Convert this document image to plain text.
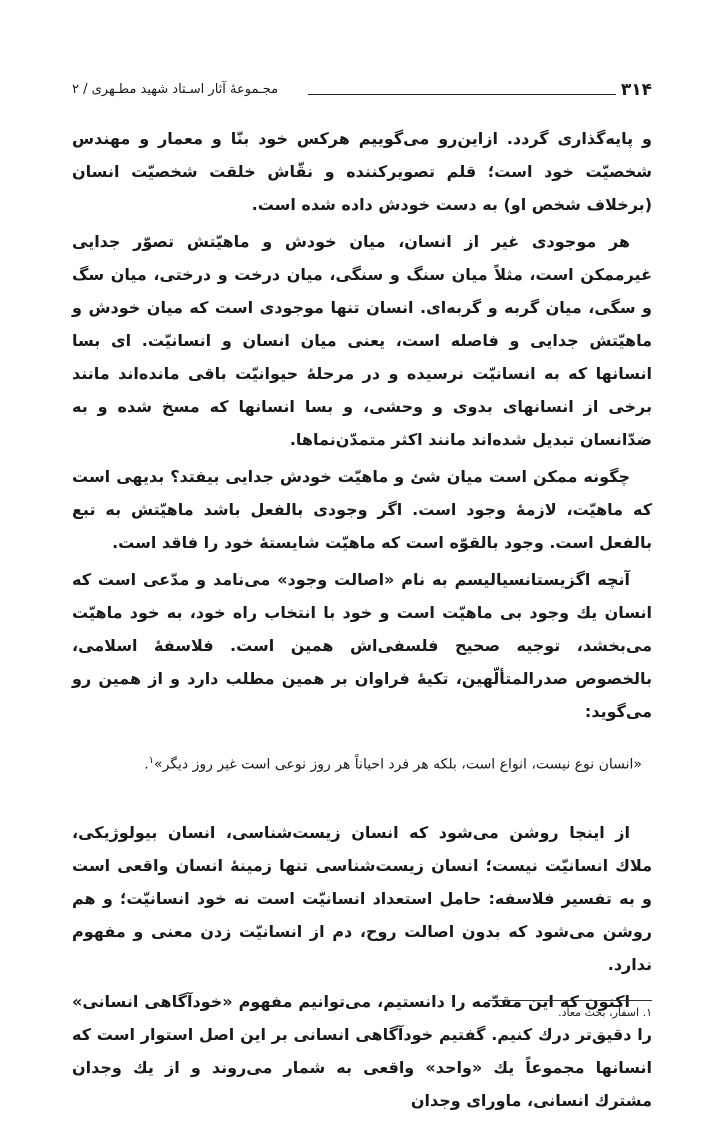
۳۱۴
مجـموعهٔ آثار اسـتاد شهید مطـهری / ۲

و پایه‌گذاری گردد. ازاین‌رو می‌گوییم هرکس خود بنّا و معمار و مهندس شخصیّت خود است؛ قلم تصویرکننده و نقّاش خلقت شخصیّت انسان (برخلاف شخص او) به دست خودش داده شده است.

هر موجودی غیر از انسان، میان خودش و ماهیّتش تصوّر جدایی غیرممکن است، مثلاً میان سنگ و سنگی، میان درخت و درختی، میان سگ و سگی، میان گربه و گربه‌ای. انسان تنها موجودی است که میان خودش و ماهیّتش جدایی و فاصله است، یعنی میان انسان و انسانیّت. ای بسا انسانها که به انسانیّت نرسیده و در مرحلهٔ حیوانیّت باقی مانده‌اند مانند برخی از انسانهای بدوی و وحشی، و بسا انسانها که مسخ شده و به ضدّانسان تبدیل شده‌اند مانند اکثر متمدّن‌نماها.

چگونه ممکن است میان شئ و ماهیّت خودش جدایی بیفتد؟ بدیهی است که ماهیّت، لازمهٔ وجود است. اگر وجودی بالفعل باشد ماهیّتش به تبع بالفعل است. وجود بالقوّه است که ماهیّت شایستهٔ خود را فاقد است.

آنچه اگزیستانسیالیسم به نام «اصالت وجود» می‌نامد و مدّعی است که انسان یك وجود بی ماهیّت است و خود با انتخاب راه خود، به خود ماهیّت می‌بخشد، توجیه صحیح فلسفی‌اش همین است. فلاسفهٔ اسلامی، بالخصوص صدرالمتألّهین، تکیهٔ فراوان بر همین مطلب دارد و از همین رو می‌گوید:

«انسان نوع نیست، انواع است، بلکه هر فرد احیاناً هر روز نوعی است غیر روز دیگر»$^۱$.

از اینجا روشن می‌شود که انسان زیست‌شناسی، انسان بیولوژیکی، ملاك انسانیّت نیست؛ انسان زیست‌شناسی تنها زمینهٔ انسان واقعی است و به تفسیر فلاسفه: حامل استعداد انسانیّت است نه خود انسانیّت؛ و هم روشن می‌شود که بدون اصالت روح، دم از انسانیّت زدن معنی و مفهوم ندارد.

اکنون که این مقدّمه را دانستیم، می‌توانیم مفهوم «خودآگاهی انسانی» را دقیق‌تر درك کنیم. گفتیم خودآگاهی انسانی بر این اصل استوار است که انسانها مجموعاً یك «واحد» واقعی به شمار می‌روند و از یك وجدان مشترك انسانی، ماورای وجدان

۱. اسفار، بحث معاد.
